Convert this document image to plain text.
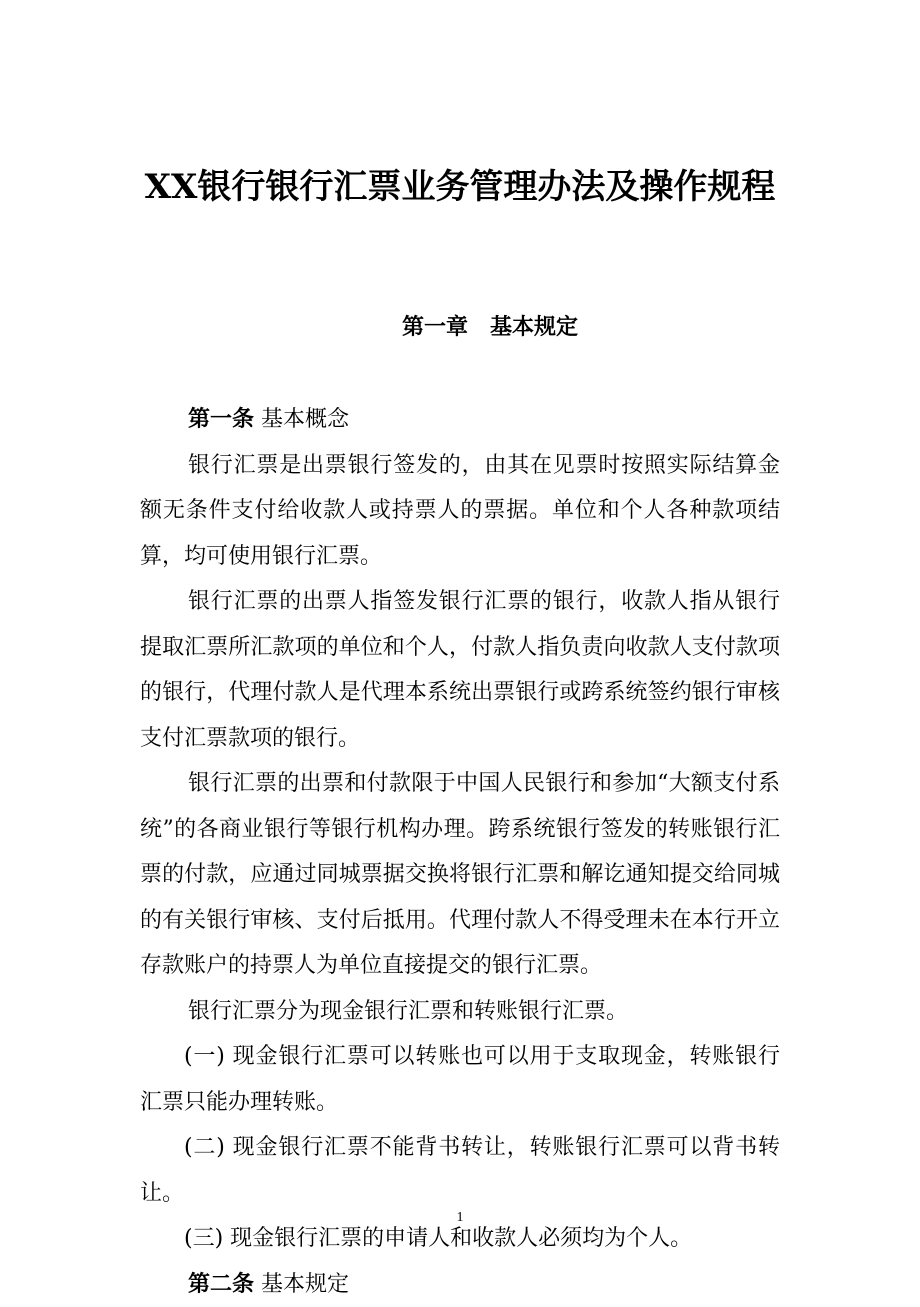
XX银行银行汇票业务管理办法及操作规程
第一章　基本规定

第一条 基本概念

银行汇票是出票银行签发的，由其在见票时按照实际结算金额无条件支付给收款人或持票人的票据。单位和个人各种款项结算，均可使用银行汇票。

银行汇票的出票人指签发银行汇票的银行，收款人指从银行提取汇票所汇款项的单位和个人，付款人指负责向收款人支付款项的银行，代理付款人是代理本系统出票银行或跨系统签约银行审核支付汇票款项的银行。

银行汇票的出票和付款限于中国人民银行和参加“大额支付系统”的各商业银行等银行机构办理。跨系统银行签发的转账银行汇票的付款，应通过同城票据交换将银行汇票和解讫通知提交给同城的有关银行审核、支付后抵用。代理付款人不得受理未在本行开立存款账户的持票人为单位直接提交的银行汇票。

银行汇票分为现金银行汇票和转账银行汇票。

(一) 现金银行汇票可以转账也可以用于支取现金，转账银行汇票只能办理转账。

(二) 现金银行汇票不能背书转让，转账银行汇票可以背书转让。

(三) 现金银行汇票的申请人和收款人必须均为个人。

第二条 基本规定

1
